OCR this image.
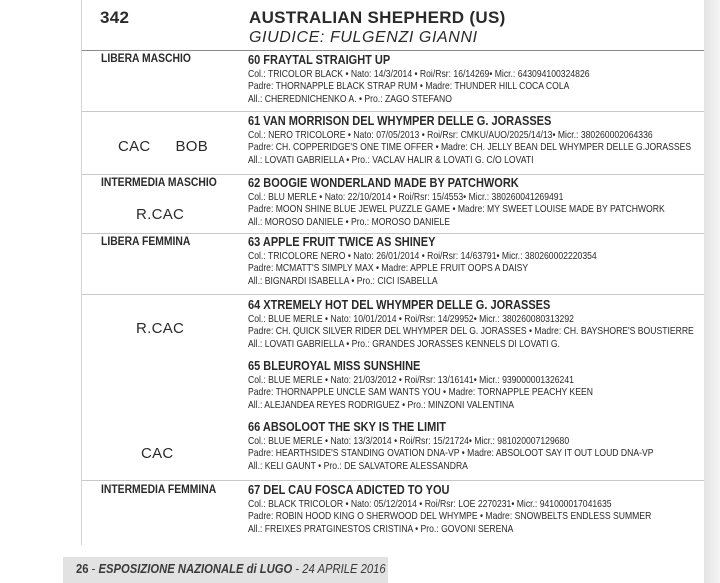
342	AUSTRALIAN SHEPHERD (US)
GIUDICE: FULGENZI GIANNI
LIBERA MASCHIO
INTERMEDIA MASCHIO
LIBERA FEMMINA
INTERMEDIA FEMMINA
CAC  BOB
R.CAC
R.CAC
CAC
60 FRAYTAL STRAIGHT UP
Col.: TRICOLOR BLACK • Nato: 14/3/2014 • Roi/Rsr: 16/14269• Micr.: 643094100324826
Padre: THORNAPPLE BLACK STRAP RUM • Madre: THUNDER HILL COCA COLA
All.: CHEREDNICHENKO A. • Pro.: ZAGO STEFANO
61 VAN MORRISON DEL WHYMPER DELLE G. JORASSES
Col.: NERO TRICOLORE • Nato: 07/05/2013 • Roi/Rsr: CMKU/AUO/2025/14/13• Micr.: 380260002064336
Padre: CH. COPPERIDGE'S ONE TIME OFFER • Madre: CH. JELLY BEAN DEL WHYMPER DELLE G.JORASSES
All.: LOVATI GABRIELLA • Pro.: VACLAV HALIR & LOVATI G. C/O LOVATI
62 BOOGIE WONDERLAND MADE BY PATCHWORK
Col.: BLU MERLE • Nato: 22/10/2014 • Roi/Rsr: 15/4553• Micr.: 380260041269491
Padre: MOON SHINE BLUE JEWEL PUZZLE GAME • Madre: MY SWEET LOUISE MADE BY PATCHWORK
All.: MOROSO DANIELE • Pro.: MOROSO DANIELE
63 APPLE FRUIT TWICE AS SHINEY
Col.: TRICOLORE NERO • Nato: 26/01/2014 • Roi/Rsr: 14/63791• Micr.: 380260002220354
Padre: MCMATT'S SIMPLY MAX • Madre: APPLE FRUIT OOPS A DAISY
All.: BIGNARDI ISABELLA • Pro.: CICI ISABELLA
64 XTREMELY HOT DEL WHYMPER DELLE G. JORASSES
Col.: BLUE MERLE • Nato: 10/01/2014 • Roi/Rsr: 14/29952• Micr.: 380260080313292
Padre: CH. QUICK SILVER RIDER DEL WHYMPER DEL G. JORASSES • Madre: CH. BAYSHORE'S BOUSTIERRE
All.: LOVATI GABRIELLA • Pro.: GRANDES JORASSES KENNELS DI LOVATI G.
65 BLEUROYAL MISS SUNSHINE
Col.: BLUE MERLE • Nato: 21/03/2012 • Roi/Rsr: 13/16141• Micr.: 939000001326241
Padre: THORNAPPLE UNCLE SAM WANTS YOU • Madre: TORNAPPLE PEACHY KEEN
All.: ALEJANDEA REYES RODRIGUEZ • Pro.: MINZONI VALENTINA
66 ABSOLOOT THE SKY IS THE LIMIT
Col.: BLUE MERLE • Nato: 13/3/2014 • Roi/Rsr: 15/21724• Micr.: 981020007129680
Padre: HEARTHSIDE'S STANDING OVATION DNA-VP • Madre: ABSOLOOT SAY IT OUT LOUD DNA-VP
All.: KELI GAUNT • Pro.: DE SALVATORE ALESSANDRA
67 DEL CAU FOSCA ADICTED TO YOU
Col.: BLACK TRICOLOR • Nato: 05/12/2014 • Roi/Rsr: LOE 2270231• Micr.: 941000017041635
Padre: ROBIN HOOD KING O SHERWOOD DEL WHYMPE • Madre: SNOWBELTS ENDLESS SUMMER
All.: FREIXES PRATGINESTOS CRISTINA • Pro.: GOVONI SERENA
26 - ESPOSIZIONE NAZIONALE di LUGO - 24 APRILE 2016
